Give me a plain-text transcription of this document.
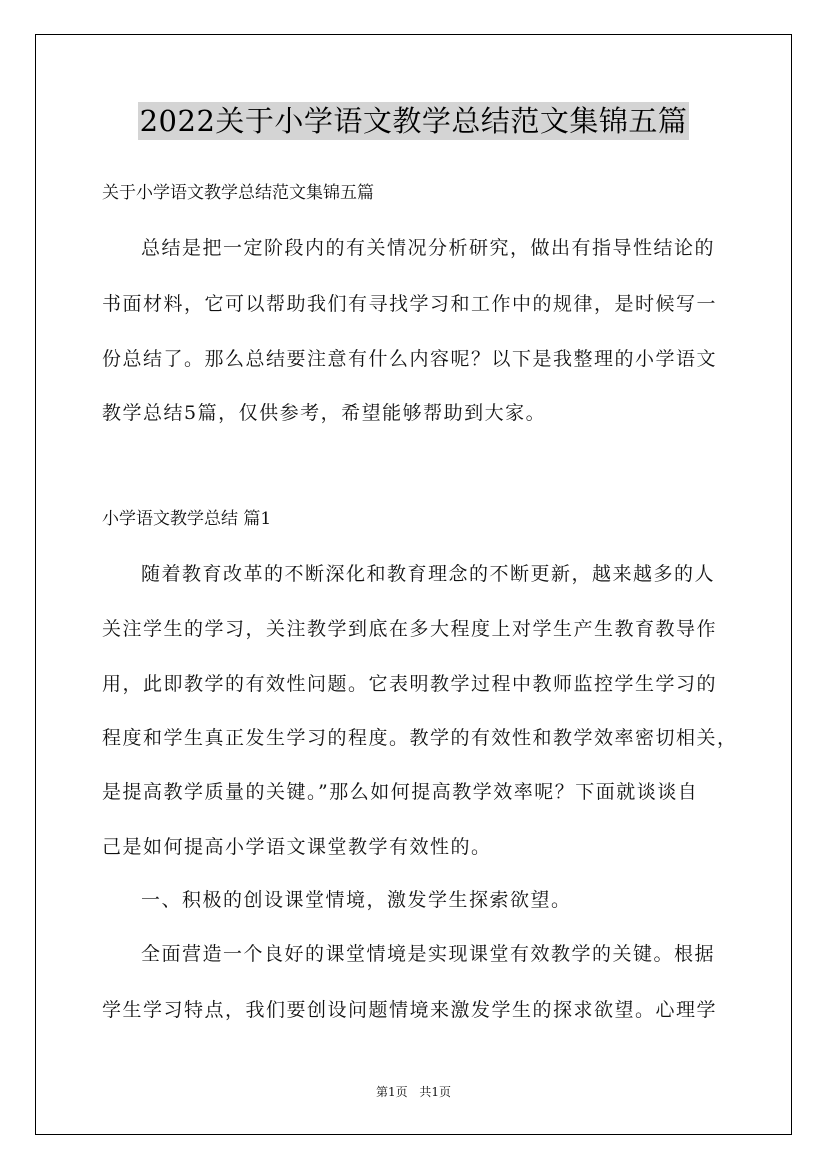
2022关于小学语文教学总结范文集锦五篇
关于小学语文教学总结范文集锦五篇
总结是把一定阶段内的有关情况分析研究，做出有指导性结论的
书面材料，它可以帮助我们有寻找学习和工作中的规律，是时候写一
份总结了。那么总结要注意有什么内容呢？以下是我整理的小学语文
教学总结5篇，仅供参考，希望能够帮助到大家。
小学语文教学总结 篇1
随着教育改革的不断深化和教育理念的不断更新，越来越多的人
关注学生的学习，关注教学到底在多大程度上对学生产生教育教导作
用，此即教学的有效性问题。它表明教学过程中教师监控学生学习的
程度和学生真正发生学习的程度。教学的有效性和教学效率密切相关，
是提高教学质量的关键。”那么如何提高教学效率呢？下面就谈谈自
己是如何提高小学语文课堂教学有效性的。
一、积极的创设课堂情境，激发学生探索欲望。
全面营造一个良好的课堂情境是实现课堂有效教学的关键。根据
学生学习特点，我们要创设问题情境来激发学生的探求欲望。心理学
第1页 共1页
